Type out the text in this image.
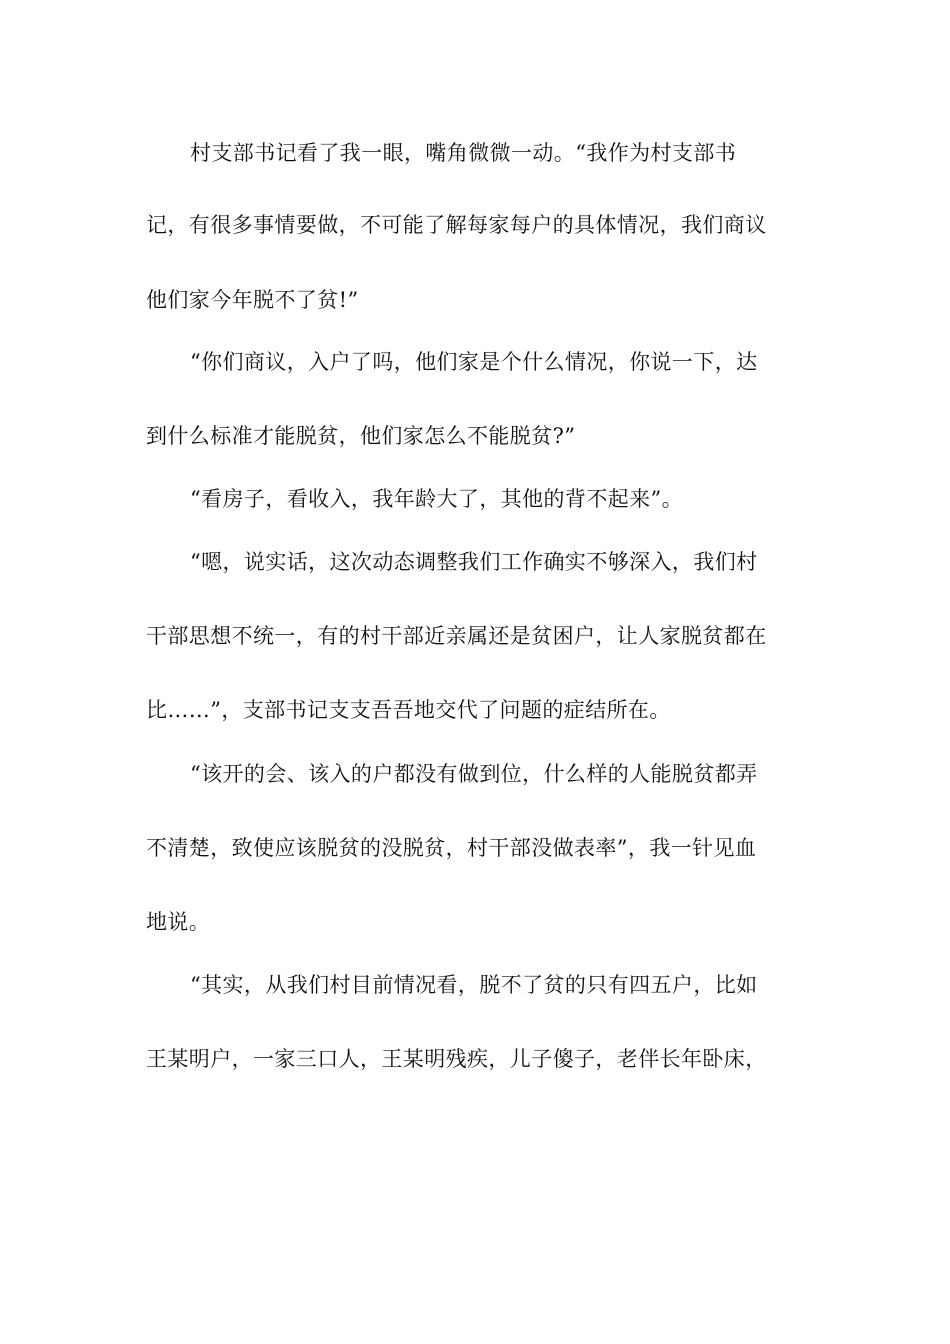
村支部书记看了我一眼，嘴角微微一动。“我作为村支部书
记，有很多事情要做，不可能了解每家每户的具体情况，我们商议
他们家今年脱不了贫!”
“你们商议，入户了吗，他们家是个什么情况，你说一下，达
到什么标准才能脱贫，他们家怎么不能脱贫?”
“看房子，看收入，我年龄大了，其他的背不起来”。
“嗯，说实话，这次动态调整我们工作确实不够深入，我们村
干部思想不统一，有的村干部近亲属还是贫困户，让人家脱贫都在
比……”，支部书记支支吾吾地交代了问题的症结所在。
“该开的会、该入的户都没有做到位，什么样的人能脱贫都弄
不清楚，致使应该脱贫的没脱贫，村干部没做表率”，我一针见血
地说。
“其实，从我们村目前情况看，脱不了贫的只有四五户，比如
王某明户，一家三口人，王某明残疾，儿子傻子，老伴长年卧床，
